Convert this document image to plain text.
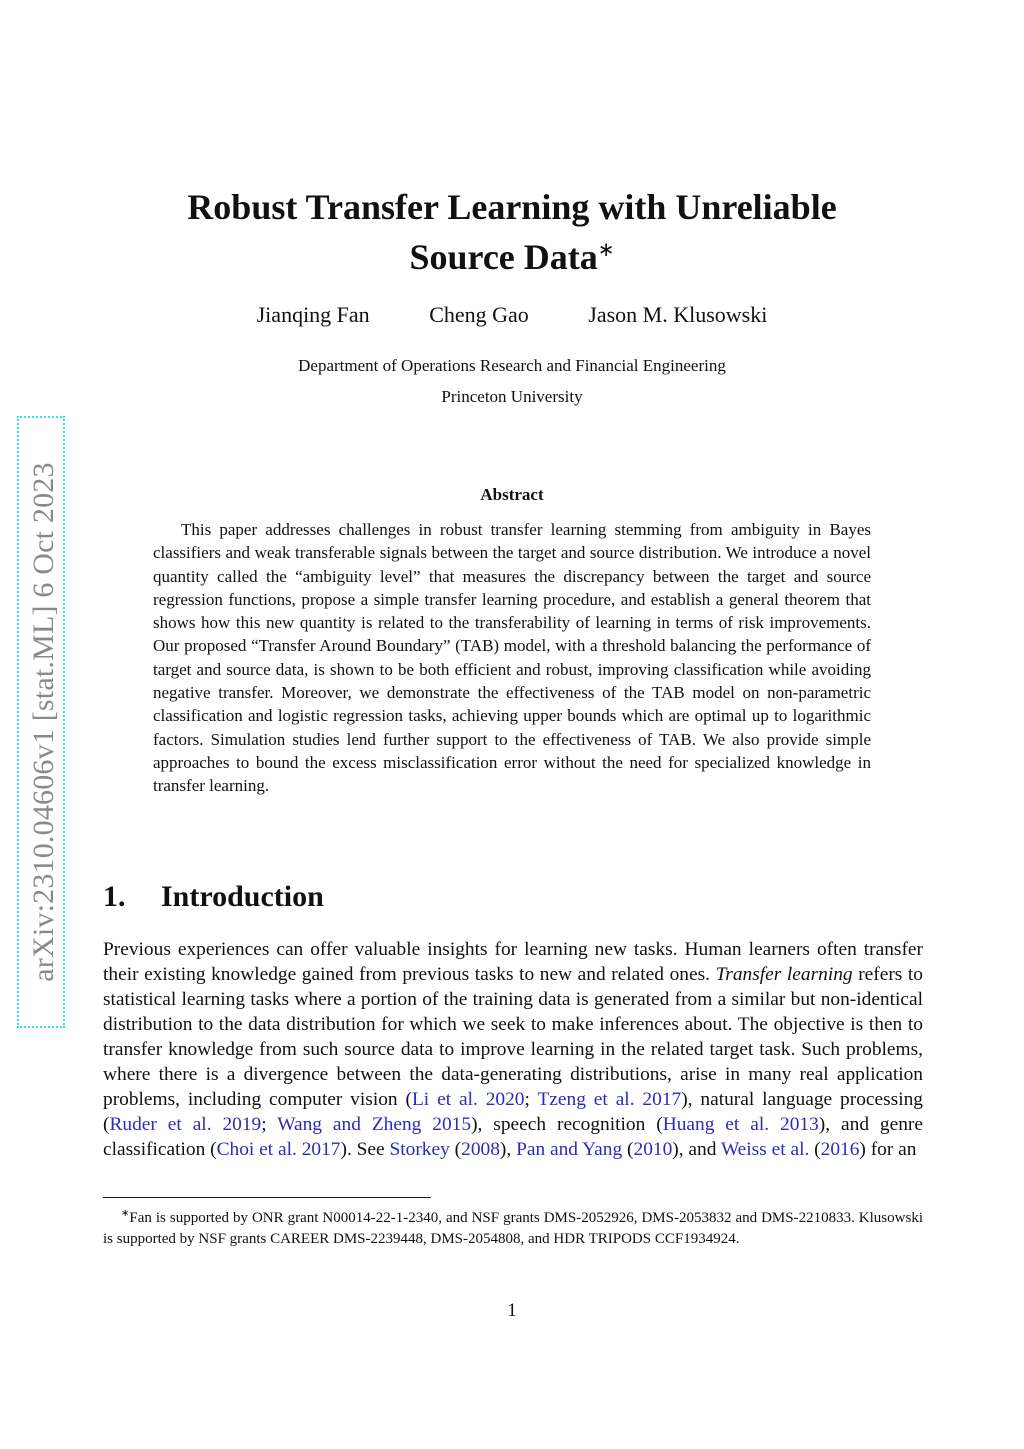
arXiv:2310.04606v1 [stat.ML] 6 Oct 2023
Robust Transfer Learning with Unreliable
Source Data∗
Jianqing Fan	Cheng Gao	Jason M. Klusowski
Department of Operations Research and Financial Engineering
Princeton University
Abstract

This paper addresses challenges in robust transfer learning stemming from ambiguity in Bayes classifiers and weak transferable signals between the target and source distribution. We introduce a novel quantity called the “ambiguity level” that measures the discrepancy between the target and source regression functions, propose a simple transfer learning procedure, and establish a general theorem that shows how this new quantity is related to the transferability of learning in terms of risk improvements. Our proposed “Transfer Around Boundary” (TAB) model, with a threshold balancing the performance of target and source data, is shown to be both efficient and robust, improving classification while avoiding negative transfer. Moreover, we demonstrate the effectiveness of the TAB model on non-parametric classification and logistic regression tasks, achieving upper bounds which are optimal up to logarithmic factors. Simulation studies lend further support to the effectiveness of TAB. We also provide simple approaches to bound the excess misclassification error without the need for specialized knowledge in transfer learning.

1. Introduction

Previous experiences can offer valuable insights for learning new tasks. Human learners often transfer their existing knowledge gained from previous tasks to new and related ones. Transfer learning refers to statistical learning tasks where a portion of the training data is generated from a similar but non-identical distribution to the data distribution for which we seek to make inferences about. The objective is then to transfer knowledge from such source data to improve learning in the related target task. Such problems, where there is a divergence between the data-generating distributions, arise in many real application problems, including computer vision (Li et al. 2020; Tzeng et al. 2017), natural language processing (Ruder et al. 2019; Wang and Zheng 2015), speech recognition (Huang et al. 2013), and genre classification (Choi et al. 2017). See Storkey (2008), Pan and Yang (2010), and Weiss et al. (2016) for an

∗Fan is supported by ONR grant N00014-22-1-2340, and NSF grants DMS-2052926, DMS-2053832 and DMS-2210833. Klusowski is supported by NSF grants CAREER DMS-2239448, DMS-2054808, and HDR TRIPODS CCF1934924.

1
